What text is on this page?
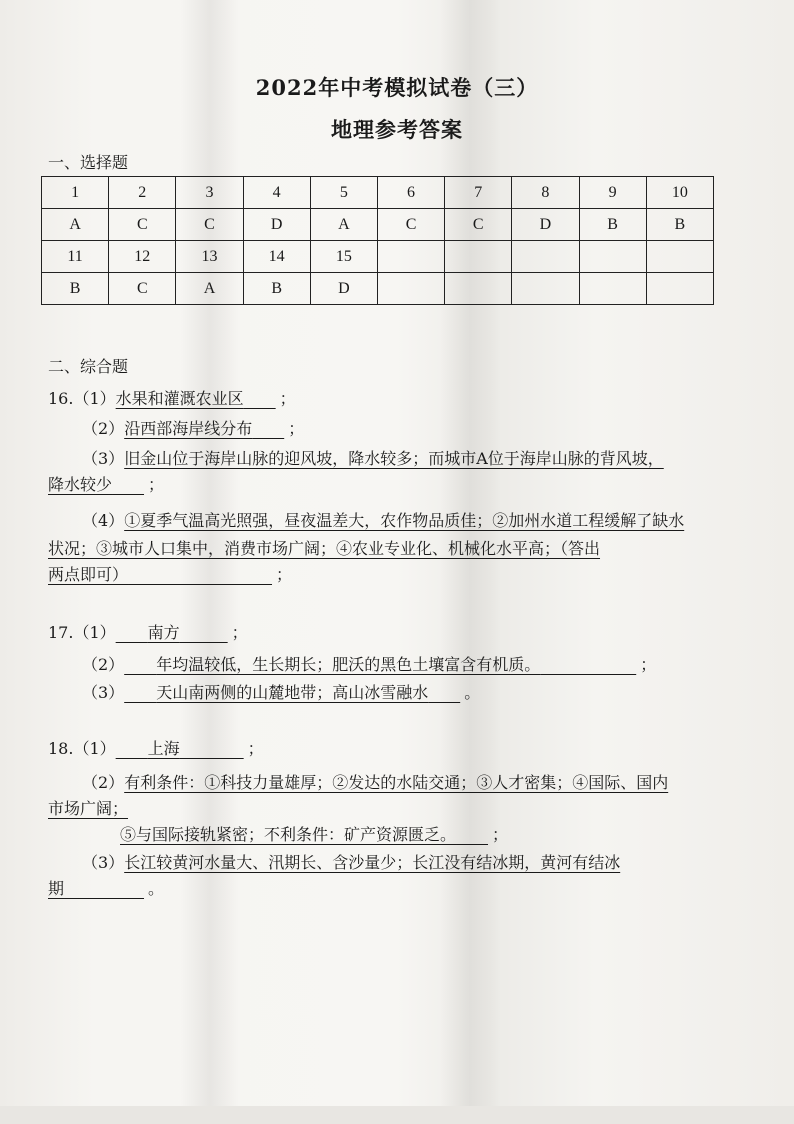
2022年中考模拟试卷（三）
地理参考答案
一、选择题
1	2	3	4	5	6	7	8	9	10
A	C	C	D	A	C	C	D	B	B
11	12	13	14	15					
B	C	A	B	D					
二、综合题
16.（1）水果和灌溉农业区   ；
（2）沿西部海岸线分布   ；
（3）旧金山位于海岸山脉的迎风坡，降水较多；而城市A位于海岸山脉的背风坡，
降水较少   ；
（4）①夏季气温高光照强，昼夜温差大，农作物品质佳；②加州水道工程缓解了缺水
状况；③城市人口集中，消费市场广阔；④农业专业化、机械化水平高；（答出
两点即可）         	；
17.（1）   南方   	；
（2）   年均温较低，生长期长；肥沃的黑色土壤富含有机质。      	；
（3）   天山南两侧的山麓地带；高山冰雪融水   。
18.（1）   上海    	；
（2）有利条件：①科技力量雄厚；②发达的水陆交通；③人才密集；④国际、国内
市场广阔；
⑤与国际接轨紧密；不利条件：矿产资源匮乏。   ；
（3）长江较黄河水量大、汛期长、含沙量少；长江没有结冰期，黄河有结冰
期     	。
